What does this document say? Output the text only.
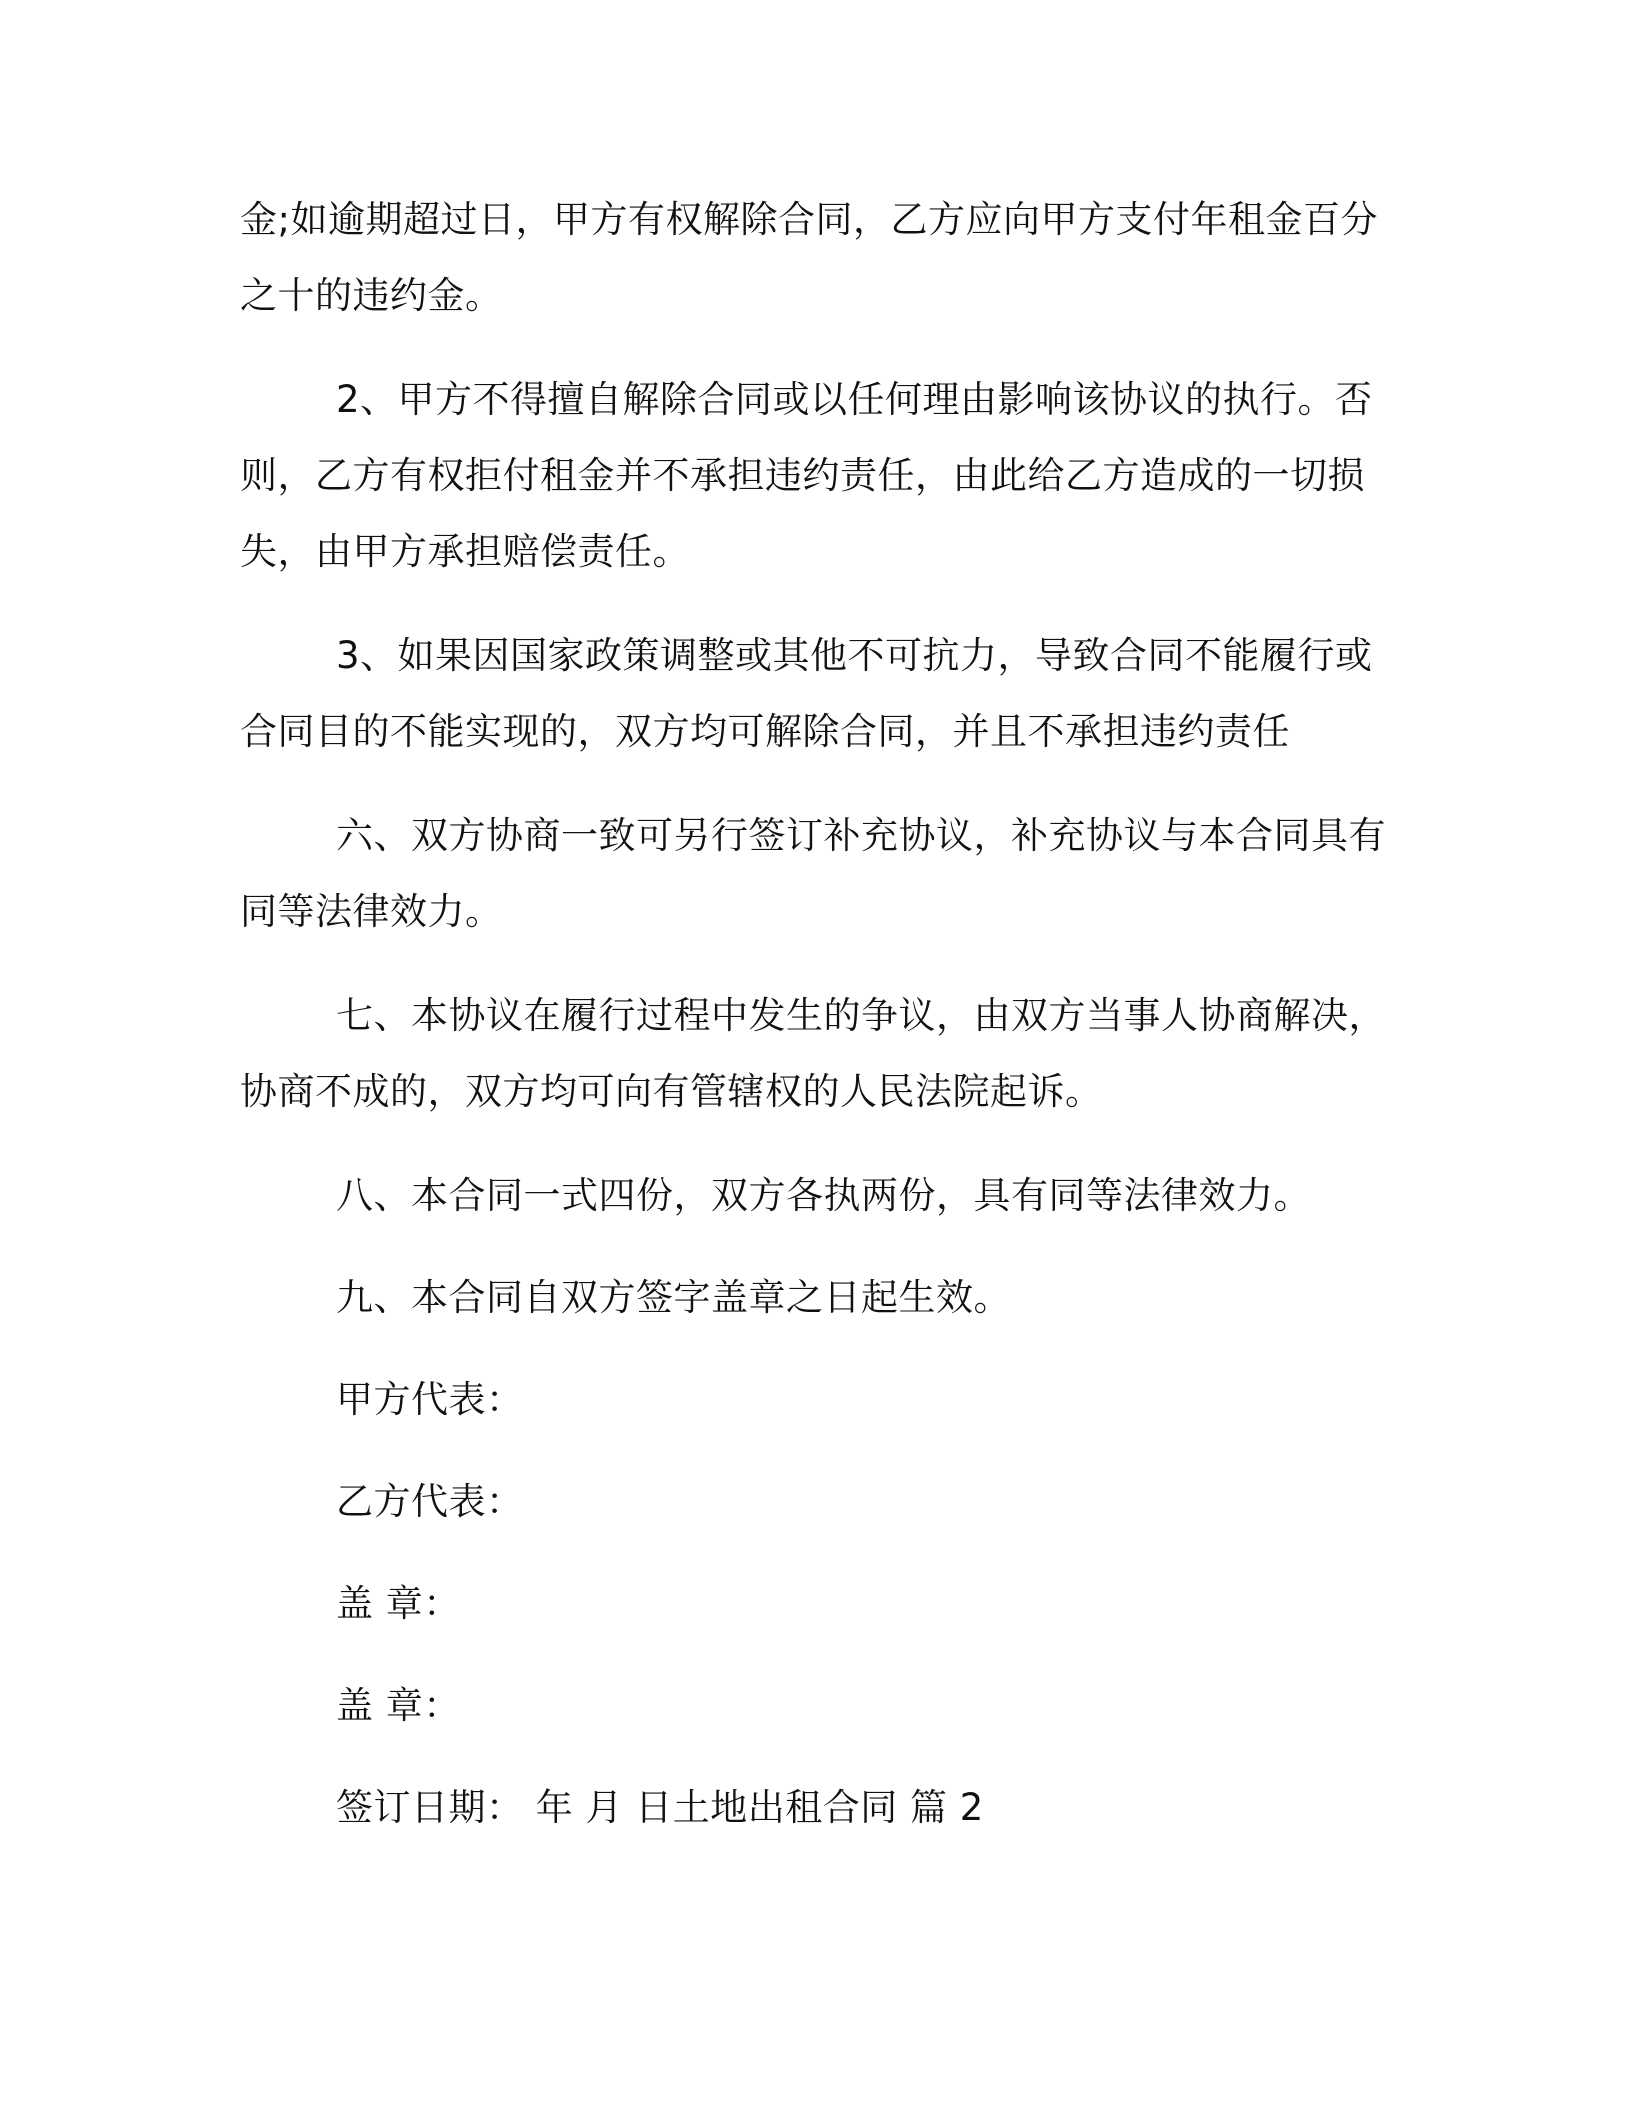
金;如逾期超过日，甲方有权解除合同，乙方应向甲方支付年租金百分
之十的违约金。
2、甲方不得擅自解除合同或以任何理由影响该协议的执行。否
则，乙方有权拒付租金并不承担违约责任，由此给乙方造成的一切损
失，由甲方承担赔偿责任。
3、如果因国家政策调整或其他不可抗力，导致合同不能履行或
合同目的不能实现的，双方均可解除合同，并且不承担违约责任
六、双方协商一致可另行签订补充协议，补充协议与本合同具有
同等法律效力。
七、本协议在履行过程中发生的争议，由双方当事人协商解决，
协商不成的，双方均可向有管辖权的人民法院起诉。
八、本合同一式四份，双方各执两份，具有同等法律效力。
九、本合同自双方签字盖章之日起生效。
甲方代表：
乙方代表：
盖 章：
盖 章：
签订日期： 年 月 日土地出租合同 篇 2
